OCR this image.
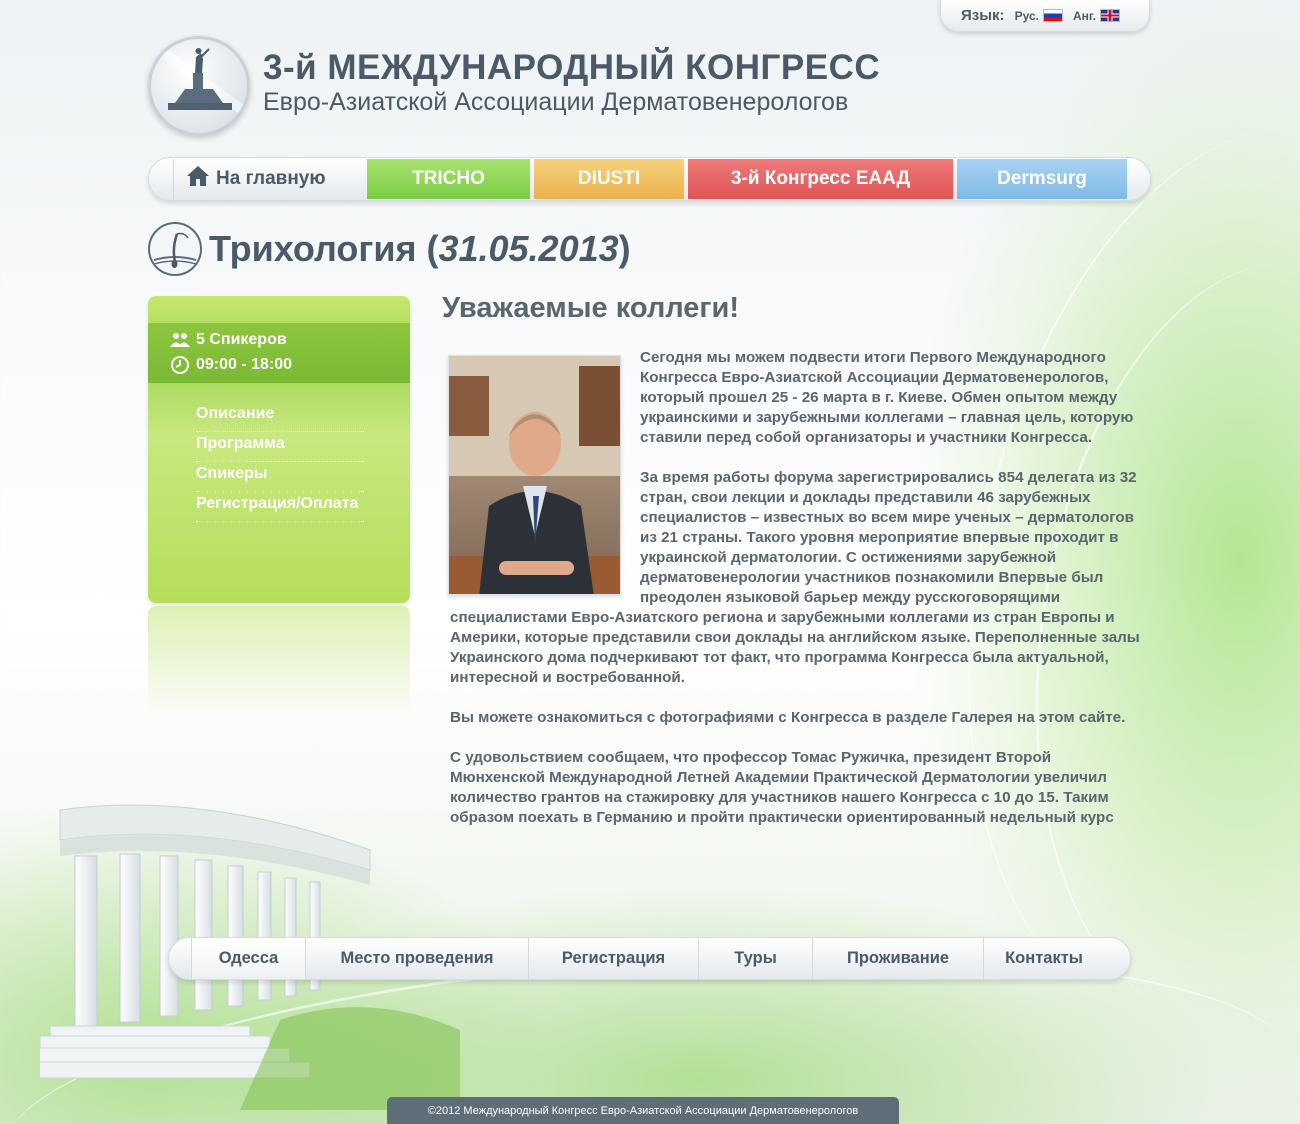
Язык: Рус.	Анг.
3-й МЕЖДУНАРОДНЫЙ КОНГРЕСС
Евро-Азиатской Ассоциации Дерматовенерологов
На главную	TRICHO	DIUSTI	3-й Конгресс ЕААД	Dermsurg
Трихология (31.05.2013)
5 Спикеров
09:00 - 18:00
Описание
Программа
Спикеры
Регистрация/Оплата
Уважаемые коллеги!

Сегодня мы можем подвести итоги Первого Международного Конгресса Евро-Азиатской Ассоциации Дерматовенерологов, который прошел 25 - 26 марта в г. Киеве. Обмен опытом между украинскими и зарубежными коллегами – главная цель, которую ставили перед собой организаторы и участники Конгресса.

За время работы форума зарегистрировались 854 делегата из 32 стран, свои лекции и доклады представили 46 зарубежных специалистов – известных во всем мире ученых – дерматологов из 21 страны. Такого уровня мероприятие впервые проходит в украинской дерматологии. С остижениями зарубежной дерматовенерологии участников познакомили Впервые был преодолен языковой барьер между русскоговорящими специалистами Евро-Азиатского региона и зарубежными коллегами из стран Европы и Америки, которые представили свои доклады на английском языке. Переполненные залы Украинского дома подчеркивают тот факт, что программа Конгресса была актуальной, интересной и востребованной.

Вы можете ознакомиться с фотографиями с Конгресса в разделе Галерея на этом сайте.

С удовольствием сообщаем, что профессор Томас Ружичка, президент Второй Мюнхенской Международной Летней Академии Практической Дерматологии увеличил количество грантов на стажировку для участников нашего Конгресса с 10 до 15. Таким образом поехать в Германию и пройти практически ориентированный недельный курс

Одесса	Место проведения	Регистрация	Туры	Проживание	Контакты
©2012 Международный Конгресс Евро-Азиатской Ассоциации Дерматовенерологов
